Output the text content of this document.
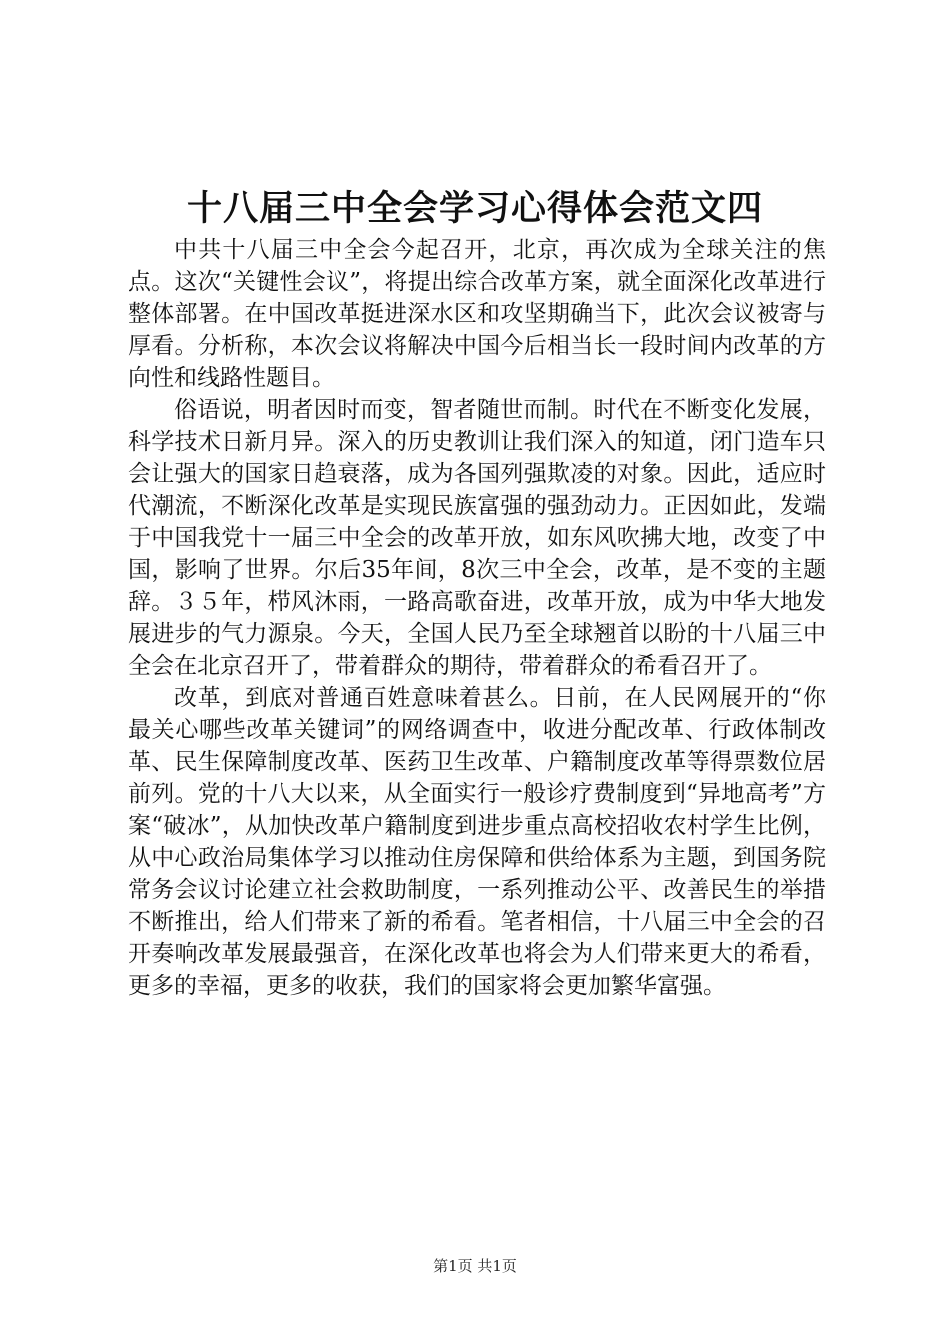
十八届三中全会学习心得体会范文四

中共十八届三中全会今起召开，北京，再次成为全球关注的焦点。这次“关键性会议”，将提出综合改革方案，就全面深化改革进行整体部署。在中国改革挺进深水区和攻坚期确当下，此次会议被寄与厚看。分析称，本次会议将解决中国今后相当长一段时间内改革的方向性和线路性题目。

俗语说，明者因时而变，智者随世而制。时代在不断变化发展，科学技术日新月异。深入的历史教训让我们深入的知道，闭门造车只会让强大的国家日趋衰落，成为各国列强欺凌的对象。因此，适应时代潮流，不断深化改革是实现民族富强的强劲动力。正因如此，发端于中国我党十一届三中全会的改革开放，如东风吹拂大地，改变了中国，影响了世界。尔后35年间，8次三中全会，改革，是不变的主题辞。３５年，栉风沐雨，一路高歌奋进，改革开放，成为中华大地发展进步的气力源泉。今天，全国人民乃至全球翘首以盼的十八届三中全会在北京召开了，带着群众的期待，带着群众的希看召开了。

改革，到底对普通百姓意味着甚么。日前，在人民网展开的“你最关心哪些改革关键词”的网络调查中，收进分配改革、行政体制改革、民生保障制度改革、医药卫生改革、户籍制度改革等得票数位居前列。党的十八大以来，从全面实行一般诊疗费制度到“异地高考”方案“破冰”，从加快改革户籍制度到进步重点高校招收农村学生比例，从中心政治局集体学习以推动住房保障和供给体系为主题，到国务院常务会议讨论建立社会救助制度，一系列推动公平、改善民生的举措不断推出，给人们带来了新的希看。笔者相信，十八届三中全会的召开奏响改革发展最强音，在深化改革也将会为人们带来更大的希看，更多的幸福，更多的收获，我们的国家将会更加繁华富强。

第1页 共1页
